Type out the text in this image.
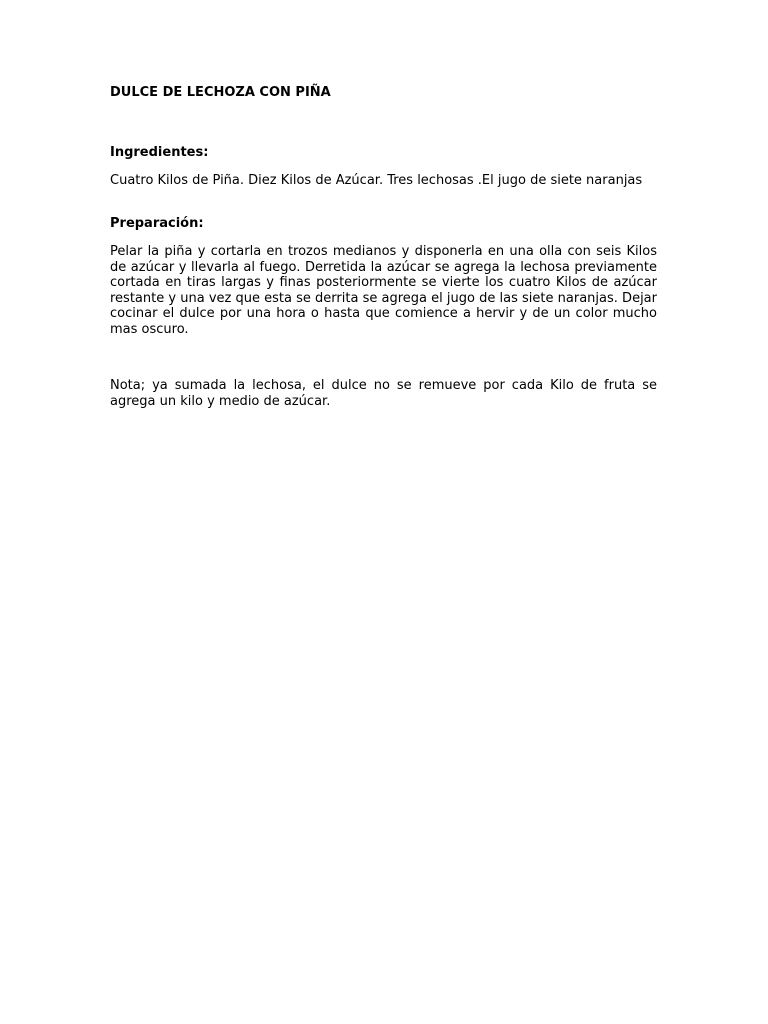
DULCE DE LECHOZA CON PIÑA
Ingredientes:

Cuatro Kilos de Piña. Diez Kilos de Azúcar. Tres lechosas .El jugo de siete naranjas

Preparación:

Pelar la piña y cortarla en trozos medianos y disponerla en una olla con seis Kilos de azúcar y llevarla al fuego. Derretida la azúcar se agrega la lechosa previamente cortada en tiras largas y finas posteriormente se vierte los cuatro Kilos de azúcar restante y una vez que esta se derrita se agrega el jugo de las siete naranjas. Dejar cocinar el dulce por una hora o hasta que comience a hervir y de un color mucho mas oscuro.

Nota; ya sumada la lechosa, el dulce no se remueve por cada Kilo de fruta se agrega un kilo y medio de azúcar.
